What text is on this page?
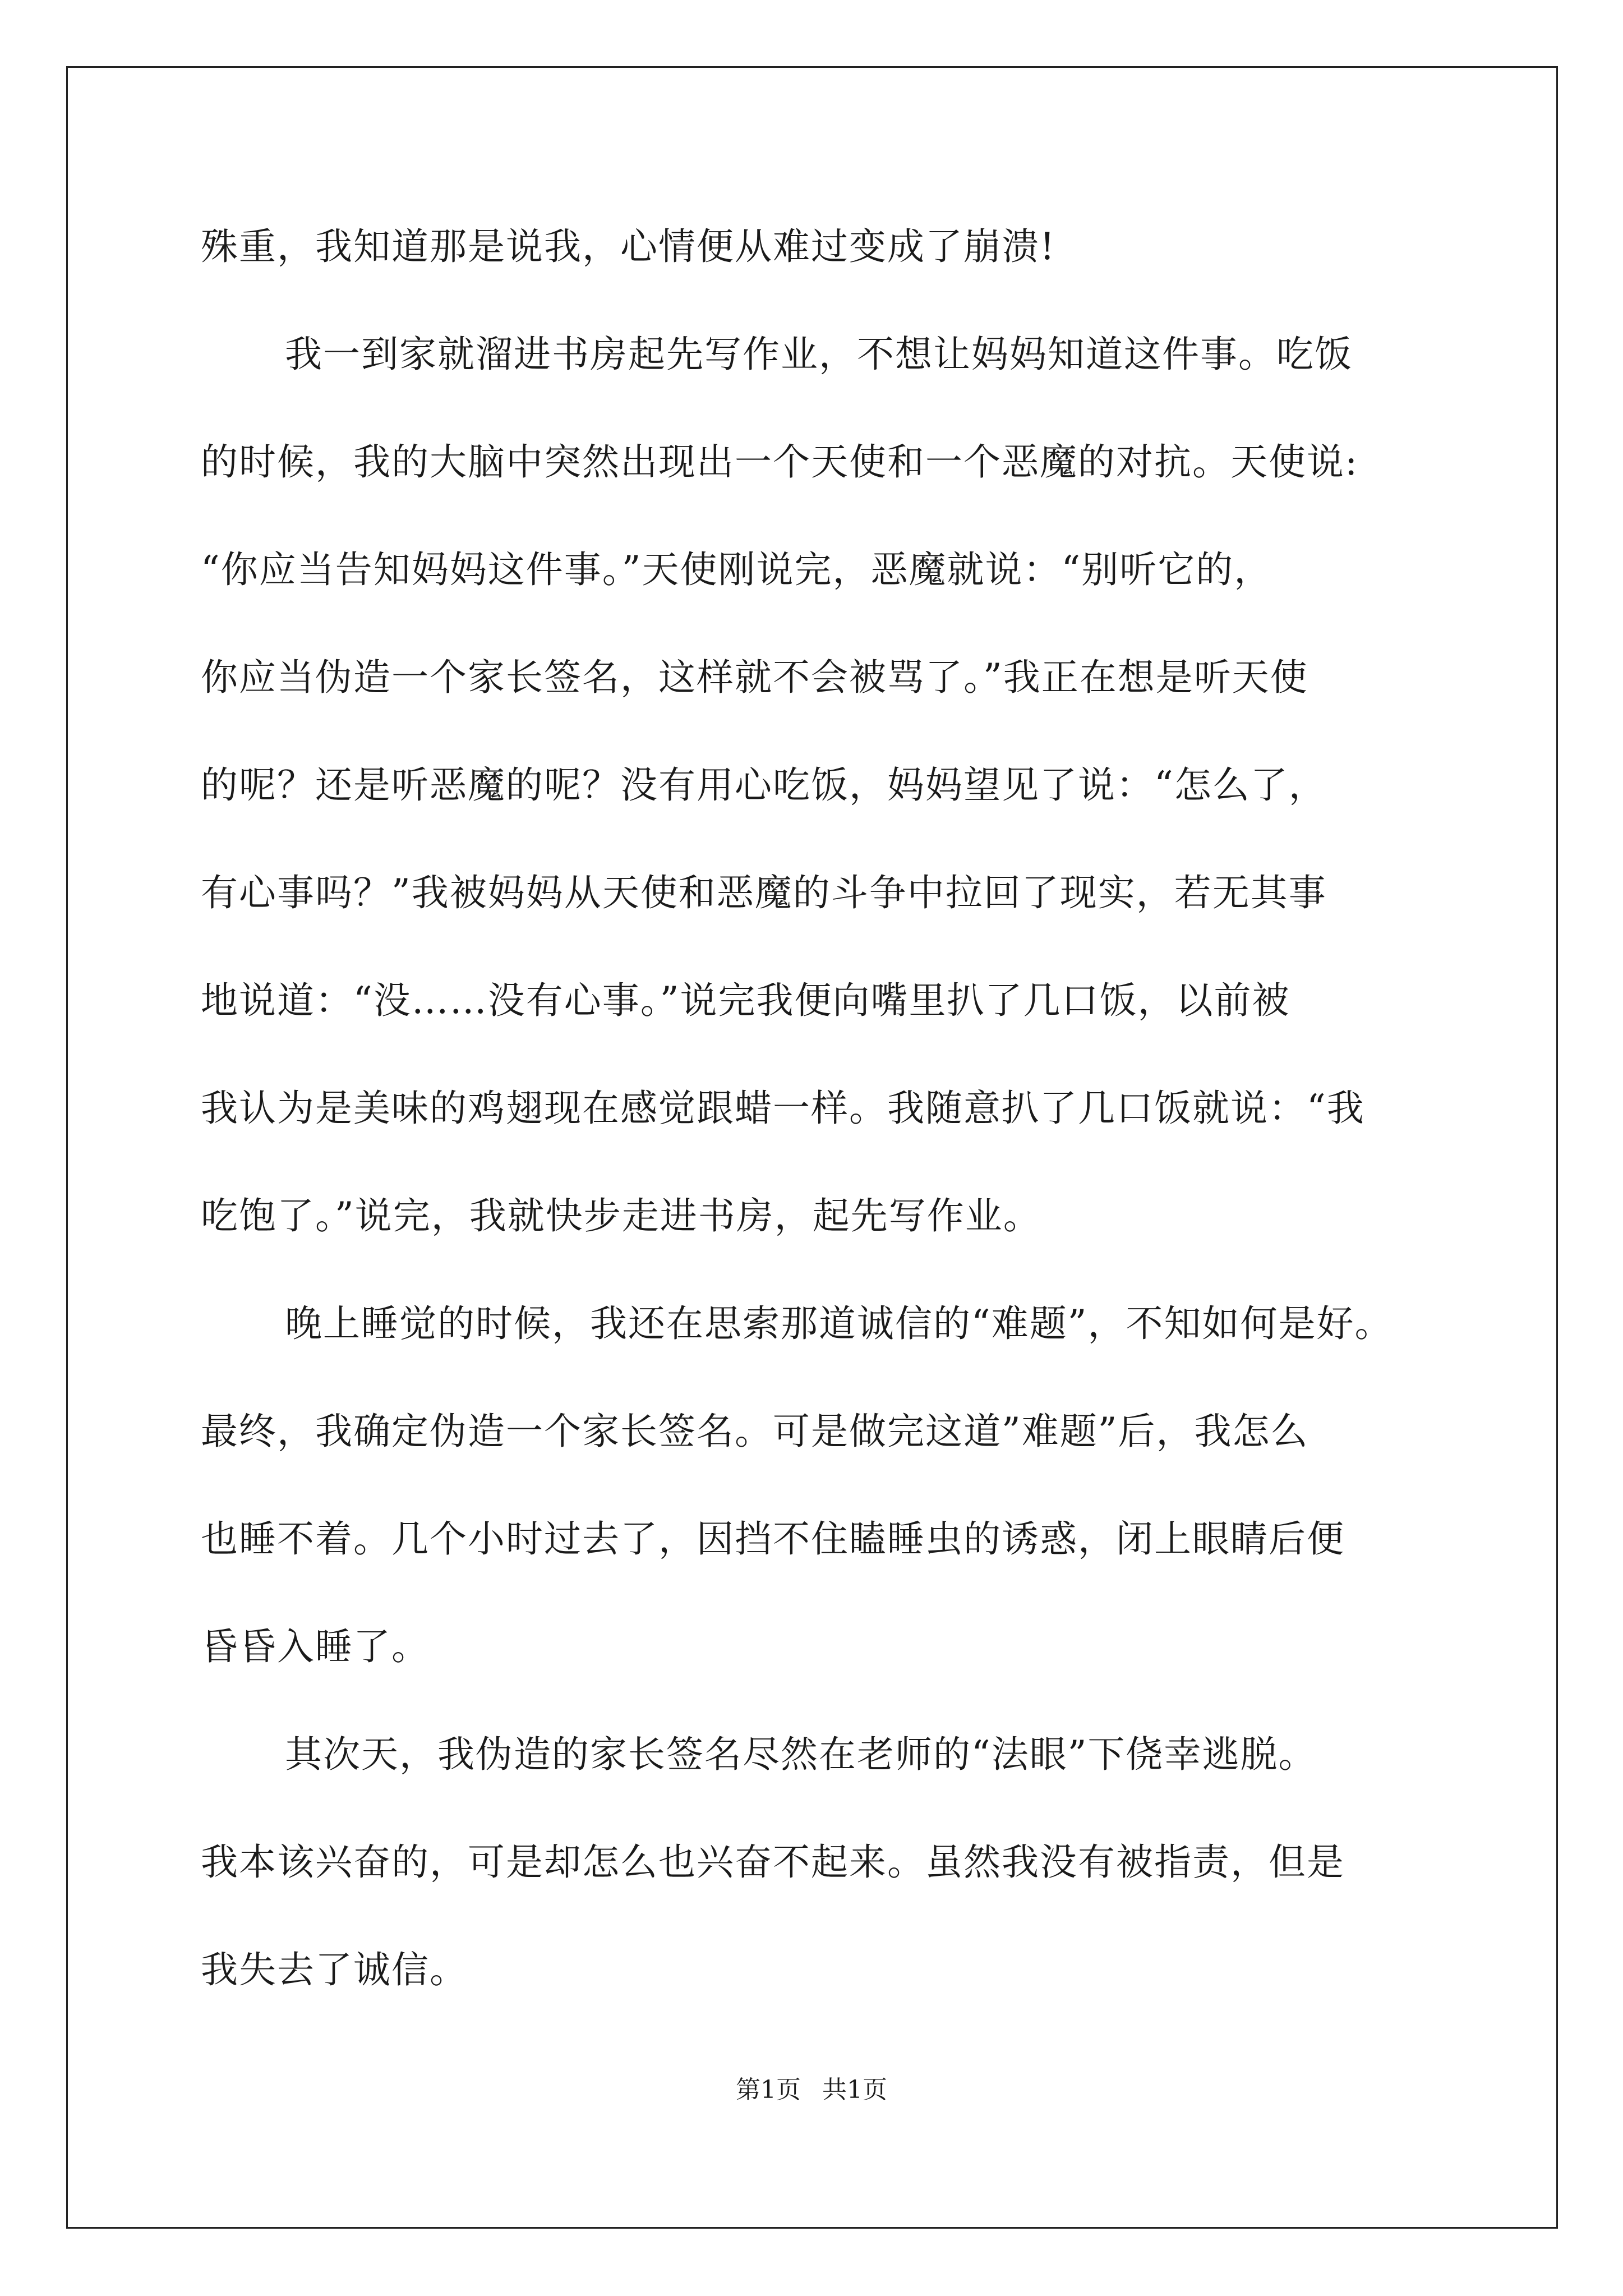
殊重，我知道那是说我，心情便从难过变成了崩溃!
我一到家就溜进书房起先写作业，不想让妈妈知道这件事。吃饭
的时候，我的大脑中突然出现出一个天使和一个恶魔的对抗。天使说:
“你应当告知妈妈这件事。”天使刚说完，恶魔就说：“别听它的，
你应当伪造一个家长签名，这样就不会被骂了。”我正在想是听天使
的呢？还是听恶魔的呢？没有用心吃饭，妈妈望见了说：“怎么了，
有心事吗？”我被妈妈从天使和恶魔的斗争中拉回了现实，若无其事
地说道：“没……没有心事。”说完我便向嘴里扒了几口饭，以前被
我认为是美味的鸡翅现在感觉跟蜡一样。我随意扒了几口饭就说：“我
吃饱了。”说完，我就快步走进书房，起先写作业。
晚上睡觉的时候，我还在思索那道诚信的“难题”，不知如何是好。
最终，我确定伪造一个家长签名。可是做完这道”难题”后，我怎么
也睡不着。几个小时过去了，因挡不住瞌睡虫的诱惑，闭上眼睛后便
昏昏入睡了。
其次天，我伪造的家长签名尽然在老师的“法眼”下侥幸逃脱。
我本该兴奋的，可是却怎么也兴奋不起来。虽然我没有被指责，但是
我失去了诚信。
第1页 共1页
